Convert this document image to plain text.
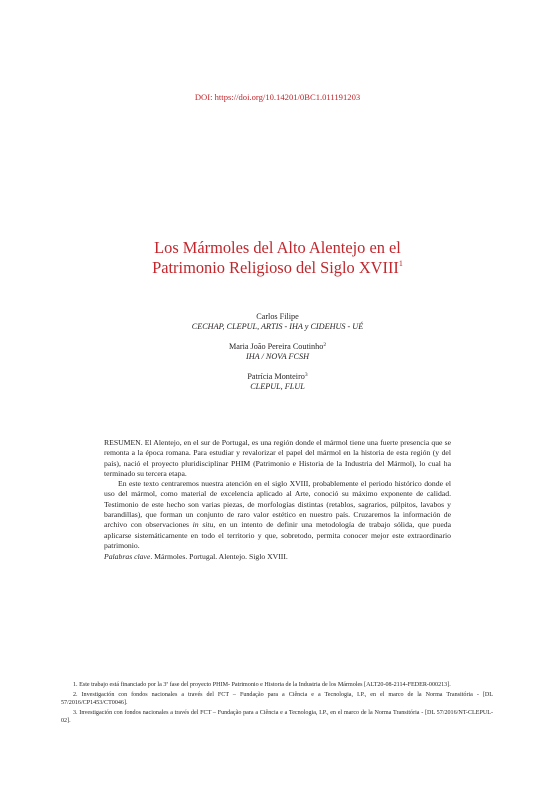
DOI: https://doi.org/10.14201/0BC1.011191203
Los Mármoles del Alto Alentejo en el
Patrimonio Religioso del Siglo XVIII$^1$
Carlos Filipe
CECHAP, CLEPUL, ARTIS - IHA y CIDEHUS - UÉ
Maria João Pereira Coutinho$^2$
IHA / NOVA FCSH
Patrícia Monteiro$^3$
CLEPUL, FLUL

RESUMEN. El Alentejo, en el sur de Portugal, es una región donde el mármol tiene una fuerte presencia que se remonta a la época romana. Para estudiar y revalorizar el papel del mármol en la historia de esta región (y del país), nació el proyecto pluridisciplinar PHIM (Patrimonio e Historia de la Industria del Mármol), lo cual ha terminado su tercera etapa.

En este texto centraremos nuestra atención en el siglo XVIII, probablemente el periodo histórico donde el uso del mármol, como material de excelencia aplicado al Arte, conoció su máximo exponente de calidad. Testimonio de este hecho son varias piezas, de morfologías distintas (retablos, sagrarios, púlpitos, lavabos y barandillas), que forman un conjunto de raro valor estético en nuestro país. Cruzaremos la información de archivo con observaciones in situ, en un intento de definir una metodología de trabajo sólida, que pueda aplicarse sistemáticamente en todo el territorio y que, sobretodo, permita conocer mejor este extraordinario patrimonio.

Palabras clave. Mármoles. Portugal. Alentejo. Siglo XVIII.

1. Este trabajo está financiado por la 3ª fase del proyecto PHIM- Patrimonio e Historia de la Industria de los Mármoles [ALT20-08-2114-FEDER-000213].

2. Investigación con fondos nacionales a través del FCT – Fundação para a Ciência e a Tecnologia, I.P., en el marco de la Norma Transitória - [DL 57/2016/CP1453/CT0046].

3. Investigación con fondos nacionales a través del FCT – Fundação para a Ciência e a Tecnologia, I.P., en el marco de la Norma Transitória - [DL 57/2016/NT-CLEPUL-02].
